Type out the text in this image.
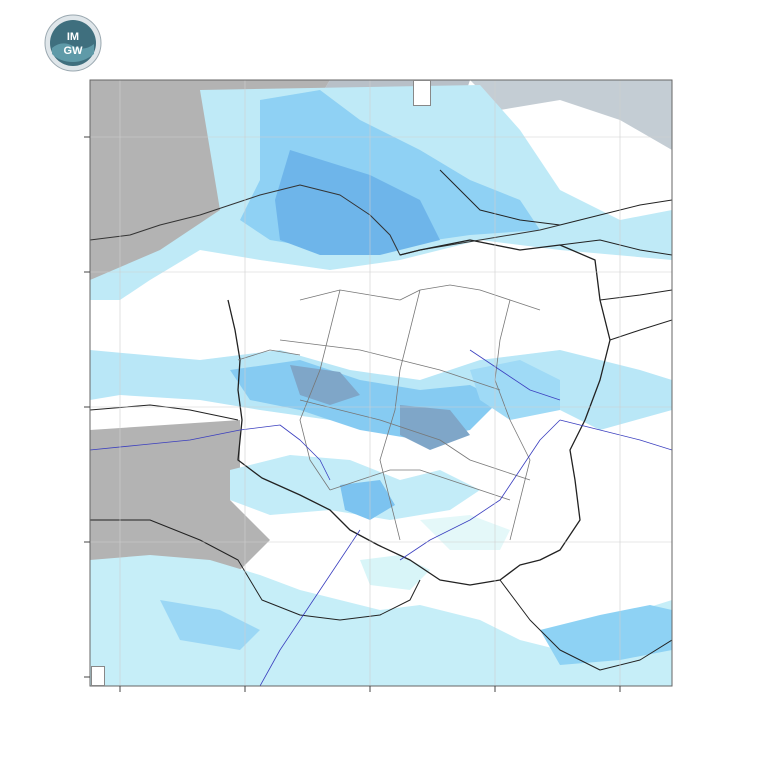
IM
GW
